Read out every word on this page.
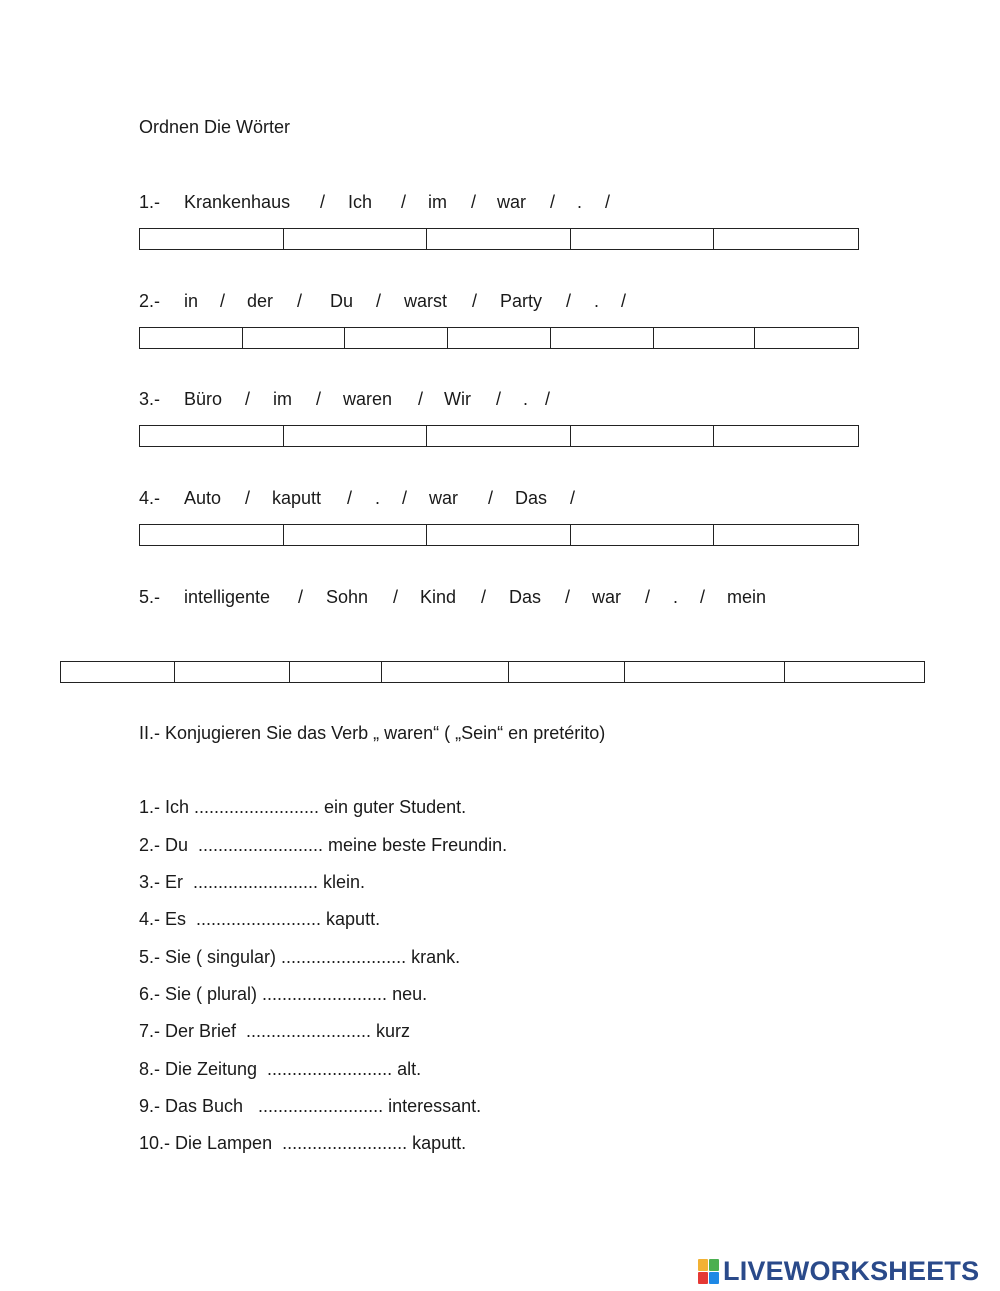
Ordnen Die Wörter
1.- Krankenhaus / Ich / im / war / . /
2.- in / der / Du / warst / Party / . /
3.- Büro / im / waren / Wir / . /
4.- Auto / kaputt / . / war / Das /
5.- intelligente / Sohn / Kind / Das / war / . / mein
II.- Konjugieren Sie das Verb „ waren“ ( „Sein“ en pretérito)
1.- Ich ......................... ein guter Student.
2.- Du  ......................... meine beste Freundin.
3.- Er  ......................... klein.
4.- Es  ......................... kaputt.
5.- Sie ( singular) ......................... krank.
6.- Sie ( plural) ......................... neu.
7.- Der Brief  ......................... kurz
8.- Die Zeitung  ......................... alt.
9.- Das Buch   ......................... interessant.
10.- Die Lampen  ......................... kaputt.
LIVEWORKSHEETS
